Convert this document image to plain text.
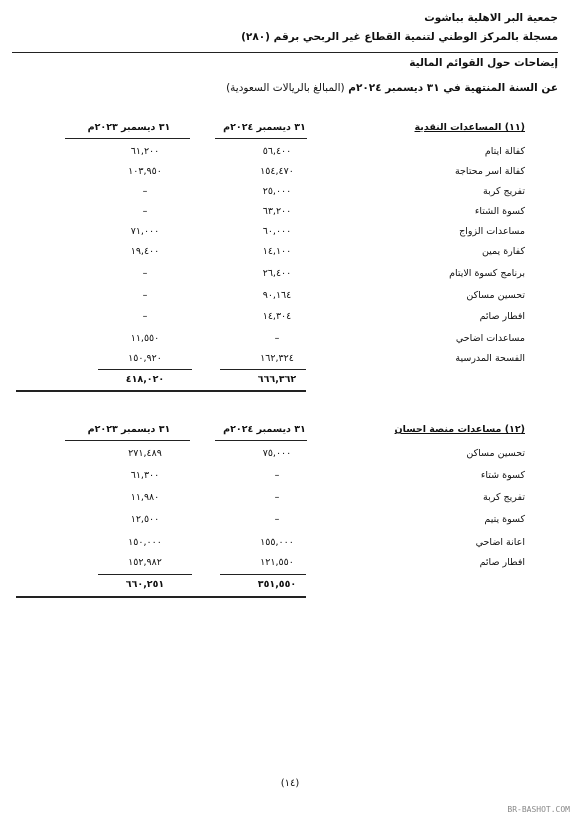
جمعية البر الاهلية بباشوت
مسجلة بالمركز الوطني لتنمية القطاع غير الربحي برقم (٢٨٠)
إيضاحات حول القوائم المالية
عن السنة المنتهية في ٣١ ديسمبر ٢٠٢٤م (المبالغ بالريالات السعودية)
(١١) المساعدات النقدية
٣١ ديسمبر ٢٠٢٤م
٣١ ديسمبر ٢٠٢٣م
كفالة ايتام
٥٦,٤٠٠
٦١,٢٠٠
كفالة اسر محتاجة
١٥٤,٤٧٠
١٠٣,٩٥٠
تفريج كربة
٢٥,٠٠٠
–
كسوة الشتاء
٦٣,٢٠٠
–
مساعدات الزواج
٦٠,٠٠٠
٧١,٠٠٠
كفارة يمين
١٤,١٠٠
١٩,٤٠٠
برنامج كسوة الايتام
٢٦,٤٠٠
–
تحسين مساكن
٩٠,١٦٤
–
افطار صائم
١٤,٣٠٤
–
مساعدات اضاحي
–
١١,٥٥٠
الفسحة المدرسية
١٦٢,٣٢٤
١٥٠,٩٢٠
٦٦٦,٣٦٢
٤١٨,٠٢٠
(١٢) مساعدات منصة احسان
٣١ ديسمبر ٢٠٢٤م
٣١ ديسمبر ٢٠٢٣م
تحسين مساكن
٧٥,٠٠٠
٢٧١,٤٨٩
كسوة شتاء
–
٦١,٣٠٠
تفريج كربة
–
١١,٩٨٠
كسوة يتيم
–
١٢,٥٠٠
اعانة اضاحي
١٥٥,٠٠٠
١٥٠,٠٠٠
افطار صائم
١٢١,٥٥٠
١٥٢,٩٨٢
٣٥١,٥٥٠
٦٦٠,٢٥١
(١٤)
BR-BASHOT.COM
